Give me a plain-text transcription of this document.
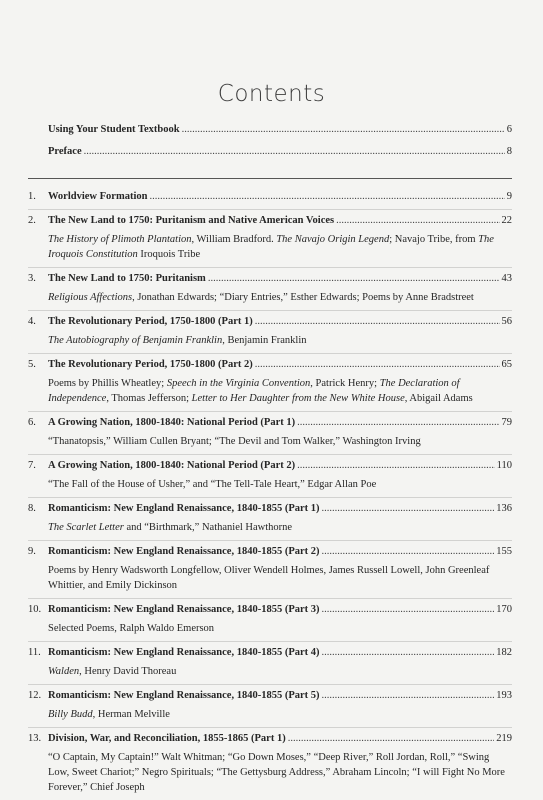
Contents
Using Your Student Textbook .....	6
Preface .....	8
1.	Worldview Formation .....	9
2.	The New Land to 1750: Puritanism and Native American Voices .....	22
The History of Plimoth Plantation, William Bradford. The Navajo Origin Legend; Navajo Tribe, from The Iroquois Constitution Iroquois Tribe
3.	The New Land to 1750: Puritanism .....	43
Religious Affections, Jonathan Edwards; “Diary Entries,” Esther Edwards; Poems by Anne Bradstreet
4.	The Revolutionary Period, 1750-1800 (Part 1) .....	56
The Autobiography of Benjamin Franklin, Benjamin Franklin
5.	The Revolutionary Period, 1750-1800 (Part 2) .....	65
Poems by Phillis Wheatley; Speech in the Virginia Convention, Patrick Henry; The Declaration of Independence, Thomas Jefferson; Letter to Her Daughter from the New White House, Abigail Adams
6.	A Growing Nation, 1800-1840: National Period (Part 1) .....	79
“Thanatopsis,” William Cullen Bryant; “The Devil and Tom Walker,” Washington Irving
7.	A Growing Nation, 1800-1840: National Period (Part 2) .....	110
“The Fall of the House of Usher,” and “The Tell-Tale Heart,” Edgar Allan Poe
8.	Romanticism: New England Renaissance, 1840-1855 (Part 1) .....	136
The Scarlet Letter and “Birthmark,” Nathaniel Hawthorne
9.	Romanticism: New England Renaissance, 1840-1855 (Part 2) .....	155
Poems by Henry Wadsworth Longfellow, Oliver Wendell Holmes, James Russell Lowell, John Greenleaf Whittier, and Emily Dickinson
10. Romanticism: New England Renaissance, 1840-1855 (Part 3) .....	170
Selected Poems, Ralph Waldo Emerson
11. Romanticism: New England Renaissance, 1840-1855 (Part 4) .....	182
Walden, Henry David Thoreau
12. Romanticism: New England Renaissance, 1840-1855 (Part 5) .....	193
Billy Budd, Herman Melville
13. Division, War, and Reconciliation, 1855-1865 (Part 1) .....	219
“O Captain, My Captain!” Walt Whitman; “Go Down Moses,” “Deep River,” Roll Jordan, Roll,” “Swing Low, Sweet Chariot;” Negro Spirituals; “The Gettysburg Address,” Abraham Lincoln; “I will Fight No More Forever,” Chief Joseph
